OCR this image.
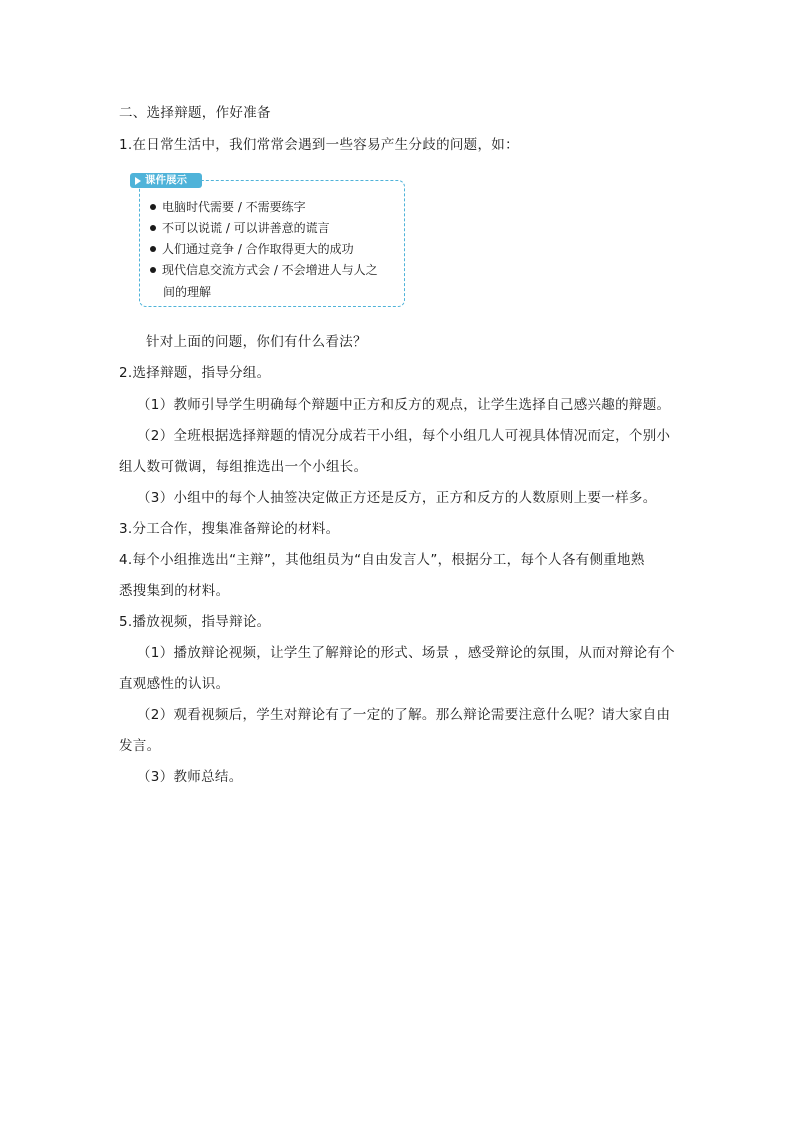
二、选择辩题，作好准备
1.在日常生活中，我们常常会遇到一些容易产生分歧的问题，如：
课件展示
电脑时代需要 / 不需要练字
不可以说谎 / 可以讲善意的谎言
人们通过竞争 / 合作取得更大的成功
现代信息交流方式会 / 不会增进人与人之
间的理解
针对上面的问题，你们有什么看法？
2.选择辩题，指导分组。
（1）教师引导学生明确每个辩题中正方和反方的观点，让学生选择自己感兴趣的辩题。
（2）全班根据选择辩题的情况分成若干小组，每个小组几人可视具体情况而定，个别小
组人数可微调，每组推选出一个小组长。
（3）小组中的每个人抽签决定做正方还是反方，正方和反方的人数原则上要一样多。
3.分工合作，搜集准备辩论的材料。
4.每个小组推选出“主辩”，其他组员为“自由发言人”，根据分工，每个人各有侧重地熟
悉搜集到的材料。
5.播放视频，指导辩论。
（1）播放辩论视频，让学生了解辩论的形式、场景 ，感受辩论的氛围，从而对辩论有个
直观感性的认识。
（2）观看视频后，学生对辩论有了一定的了解。那么辩论需要注意什么呢？请大家自由
发言。
（3）教师总结。
